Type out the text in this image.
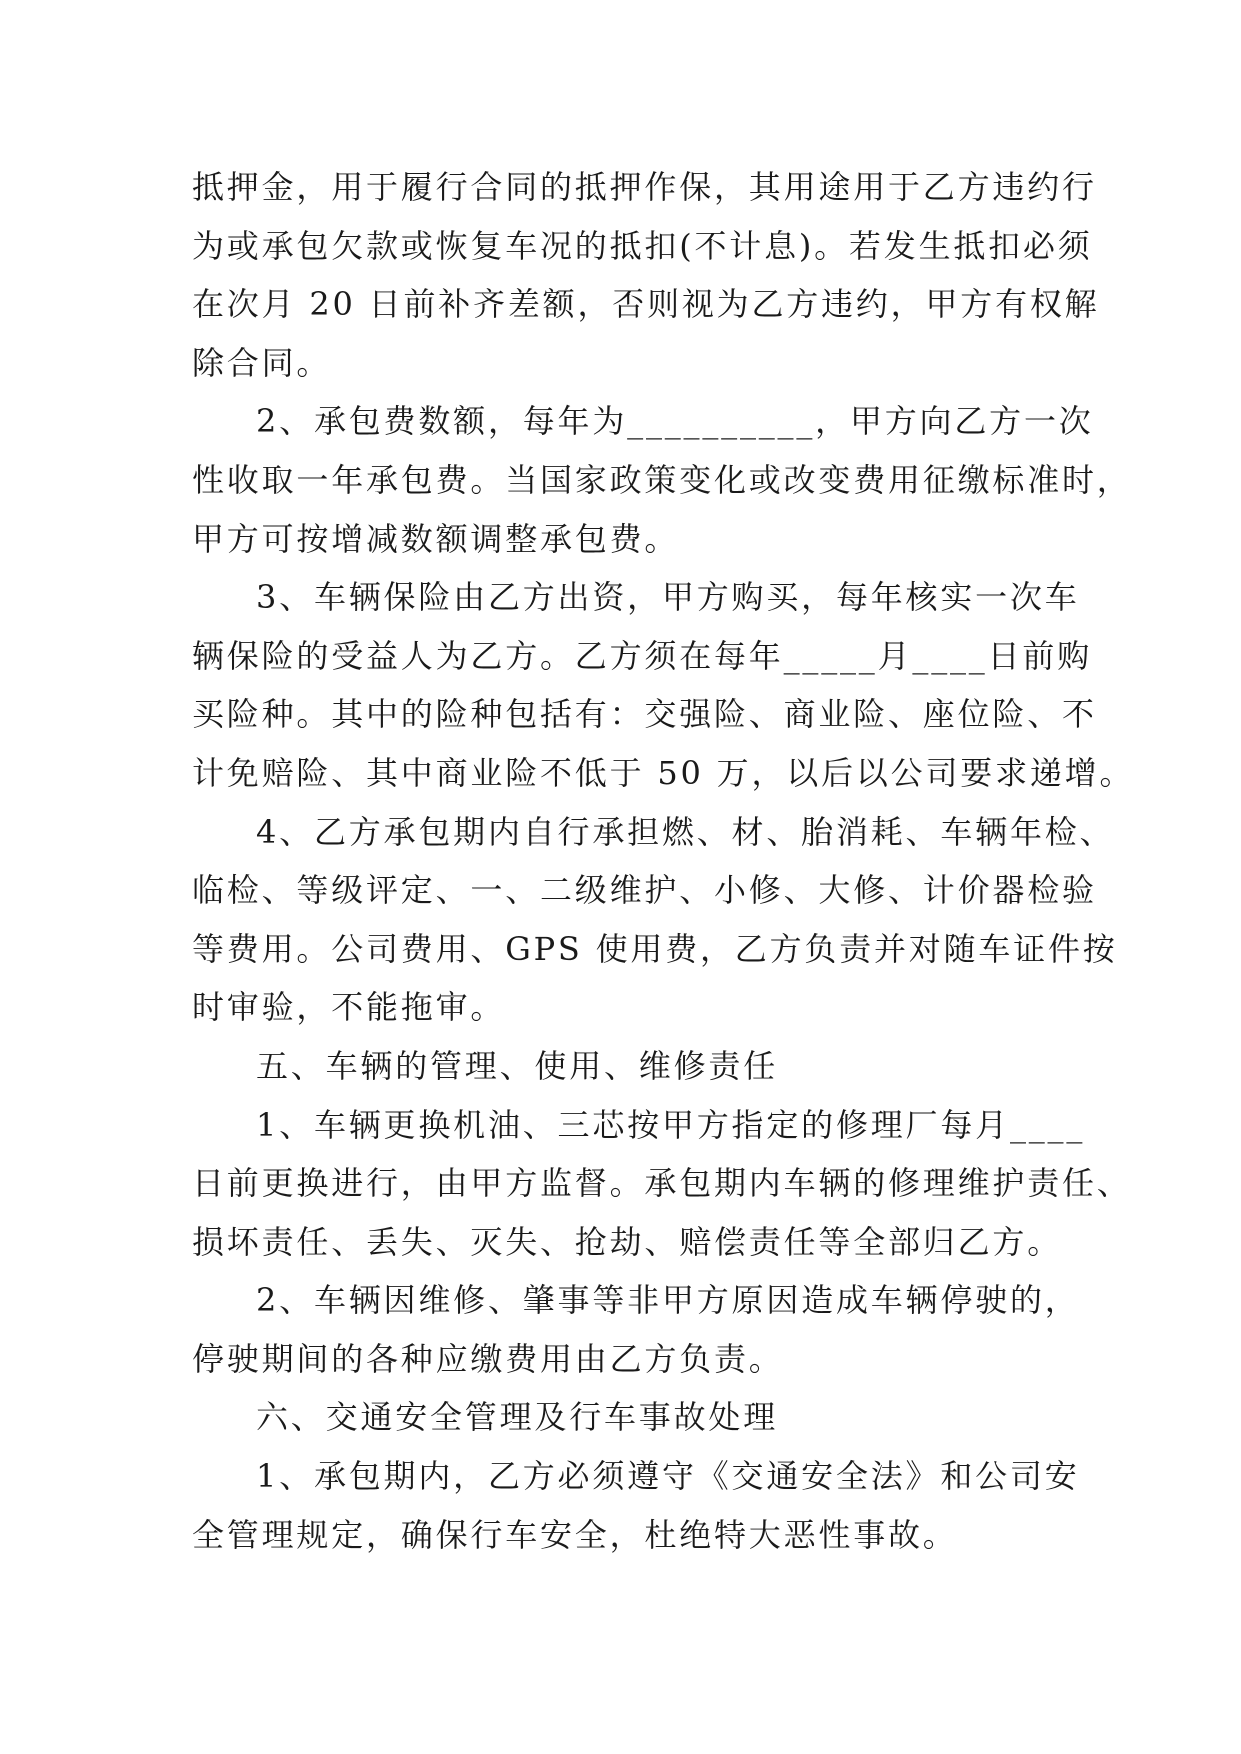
抵押金，用于履行合同的抵押作保，其用途用于乙方违约行
为或承包欠款或恢复车况的抵扣(不计息)。若发生抵扣必须
在次月 20 日前补齐差额，否则视为乙方违约，甲方有权解
除合同。
2、承包费数额，每年为__________，甲方向乙方一次
性收取一年承包费。当国家政策变化或改变费用征缴标准时，
甲方可按增减数额调整承包费。
3、车辆保险由乙方出资，甲方购买，每年核实一次车
辆保险的受益人为乙方。乙方须在每年_____月____日前购
买险种。其中的险种包括有：交强险、商业险、座位险、不
计免赔险、其中商业险不低于 50 万，以后以公司要求递增。
4、乙方承包期内自行承担燃、材、胎消耗、车辆年检、
临检、等级评定、一、二级维护、小修、大修、计价器检验
等费用。公司费用、GPS 使用费，乙方负责并对随车证件按
时审验，不能拖审。
五、车辆的管理、使用、维修责任
1、车辆更换机油、三芯按甲方指定的修理厂每月____
日前更换进行，由甲方监督。承包期内车辆的修理维护责任、
损坏责任、丢失、灭失、抢劫、赔偿责任等全部归乙方。
2、车辆因维修、肇事等非甲方原因造成车辆停驶的，
停驶期间的各种应缴费用由乙方负责。
六、交通安全管理及行车事故处理
1、承包期内，乙方必须遵守《交通安全法》和公司安
全管理规定，确保行车安全，杜绝特大恶性事故。
